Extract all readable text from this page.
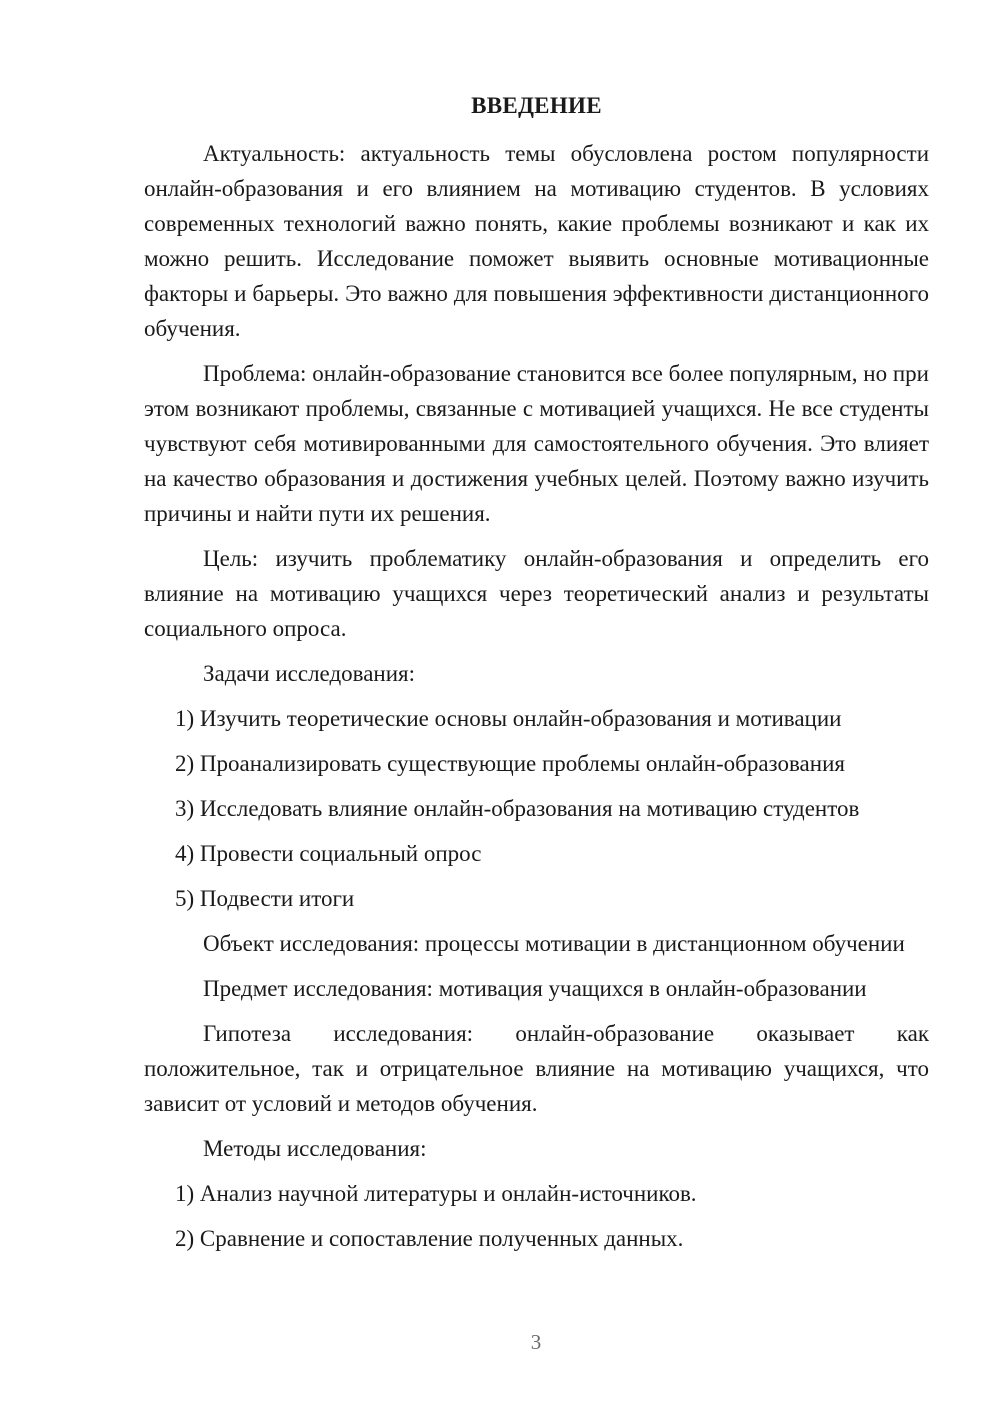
ВВЕДЕНИЕ

Актуальность: актуальность темы обусловлена ростом популярности онлайн-образования и его влиянием на мотивацию студентов. В условиях современных технологий важно понять, какие проблемы возникают и как их можно решить. Исследование поможет выявить основные мотивационные факторы и барьеры. Это важно для повышения эффективности дистанционного обучения.

Проблема: онлайн-образование становится все более популярным, но при этом возникают проблемы, связанные с мотивацией учащихся. Не все студенты чувствуют себя мотивированными для самостоятельного обучения. Это влияет на качество образования и достижения учебных целей. Поэтому важно изучить причины и найти пути их решения.

Цель: изучить проблематику онлайн-образования и определить его влияние на мотивацию учащихся через теоретический анализ и результаты социального опроса.

Задачи исследования:

1) Изучить теоретические основы онлайн-образования и мотивации
2) Проанализировать существующие проблемы онлайн-образования
3) Исследовать влияние онлайн-образования на мотивацию студентов
4) Провести социальный опрос
5) Подвести итоги

Объект исследования: процессы мотивации в дистанционном обучении

Предмет исследования: мотивация учащихся в онлайн-образовании

Гипотеза исследования: онлайн-образование оказывает как положительное, так и отрицательное влияние на мотивацию учащихся, что зависит от условий и методов обучения.

Методы исследования:

1) Анализ научной литературы и онлайн-источников.
2) Сравнение и сопоставление полученных данных.
3
